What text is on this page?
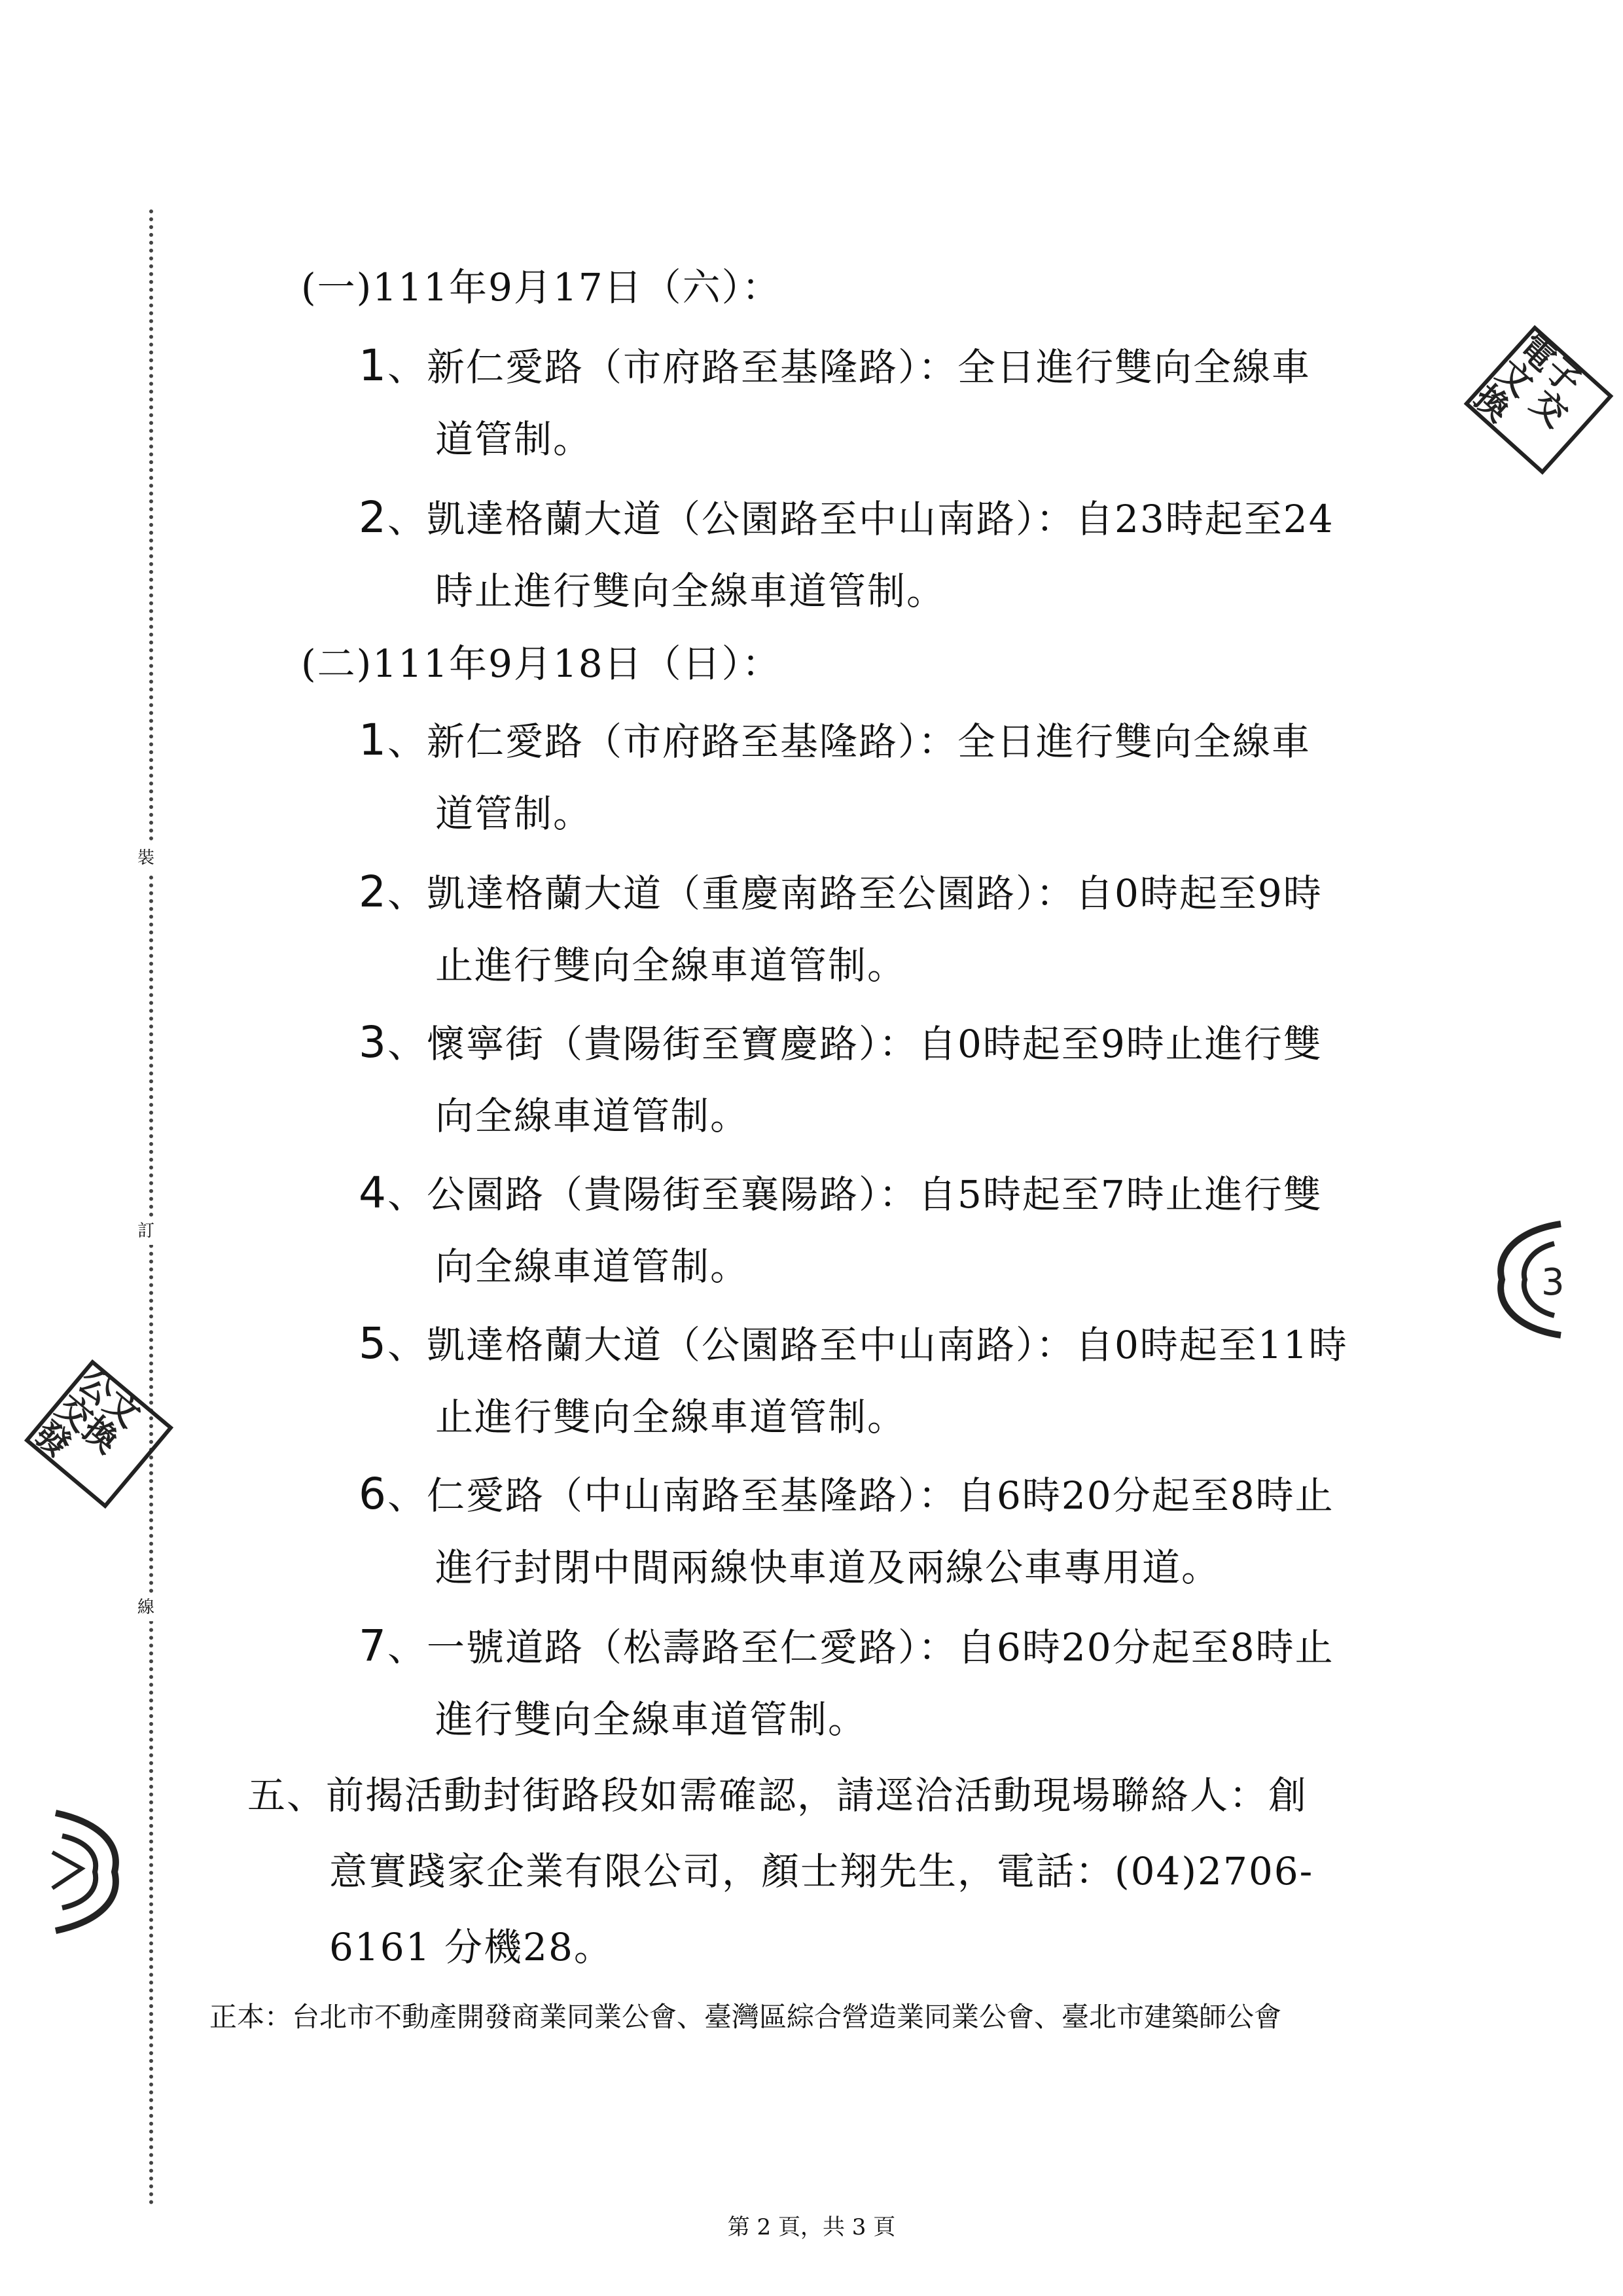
裝
訂
線
(一)111年9月17日（六）：
1、新仁愛路（市府路至基隆路）：全日進行雙向全線車
道管制。
2、凱達格蘭大道（公園路至中山南路）：自23時起至24
時止進行雙向全線車道管制。
(二)111年9月18日（日）：
1、新仁愛路（市府路至基隆路）：全日進行雙向全線車
道管制。
2、凱達格蘭大道（重慶南路至公園路）：自0時起至9時
止進行雙向全線車道管制。
3、懷寧街（貴陽街至寶慶路）：自0時起至9時止進行雙
向全線車道管制。
4、公園路（貴陽街至襄陽路）：自5時起至7時止進行雙
向全線車道管制。
5、凱達格蘭大道（公園路至中山南路）：自0時起至11時
止進行雙向全線車道管制。
6、仁愛路（中山南路至基隆路）：自6時20分起至8時止
進行封閉中間兩線快車道及兩線公車專用道。
7、一號道路（松壽路至仁愛路）：自6時20分起至8時止
進行雙向全線車道管制。
五、前揭活動封街路段如需確認，請逕洽活動現場聯絡人：創
意實踐家企業有限公司，顏士翔先生，電話：(04)2706-
6161 分機28。
正本：台北市不動產開發商業同業公會、臺灣區綜合營造業同業公會、臺北市建築師公會
第 2 頁，共 3 頁
電子文 交換
公文 交換 發
3
